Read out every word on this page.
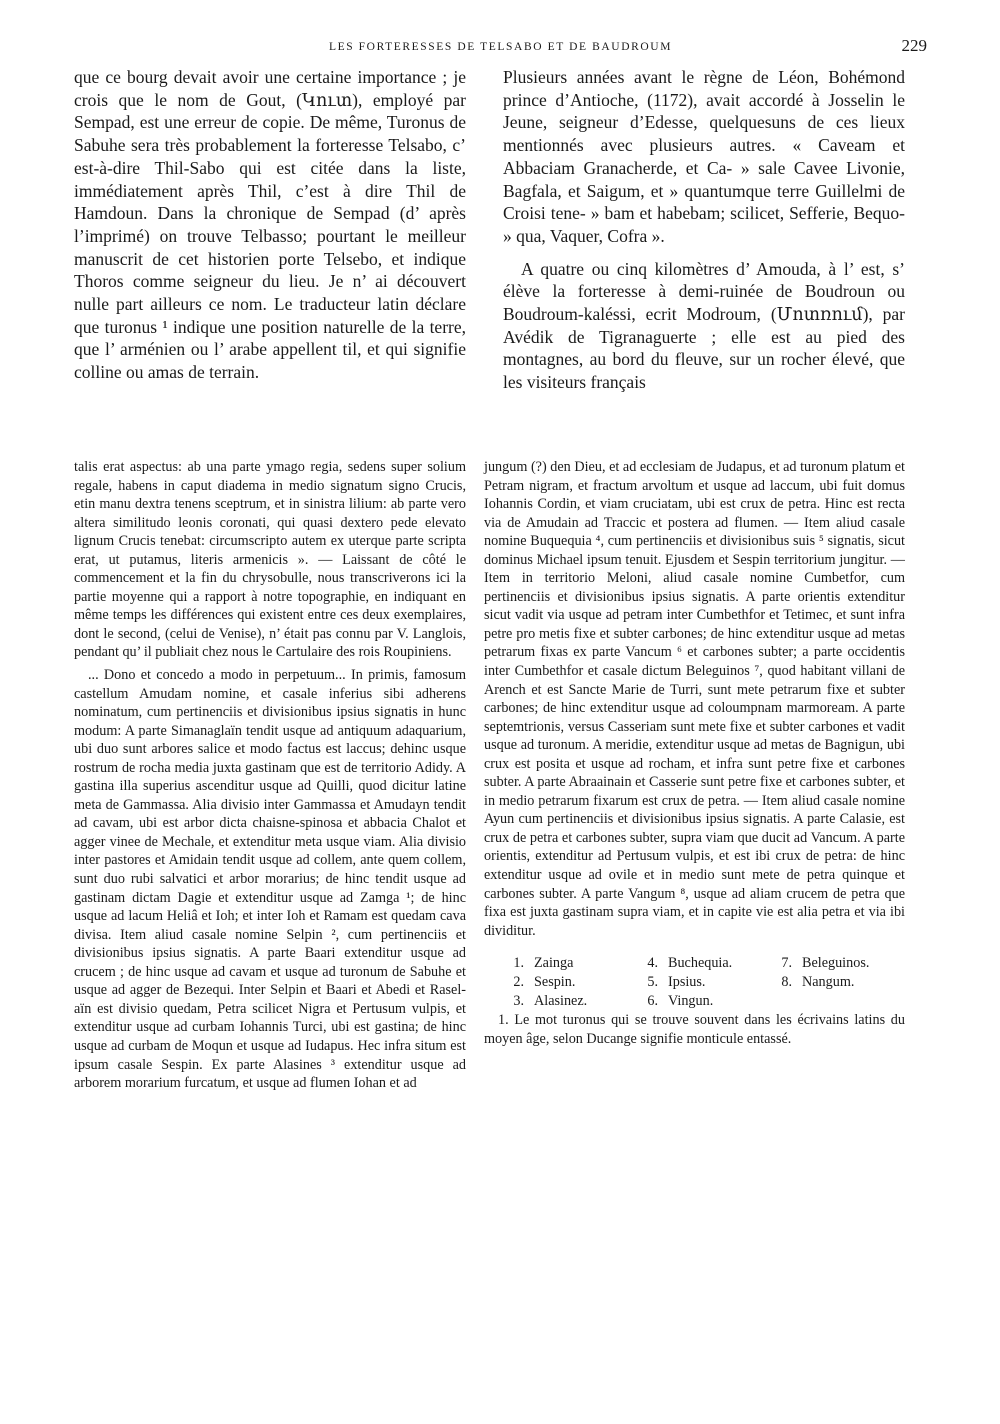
LES FORTERESSES DE TELSABO ET DE BAUDROUM	229

que ce bourg devait avoir une certaine importance ; je crois que le nom de Gout, (Կուտ), employé par Sempad, est une erreur de copie. De même, Turonus de Sabuhe sera très probablement la forteresse Telsabo, c’ est-à-dire Thil-Sabo qui est citée dans la liste, immédiatement après Thil, c’est à dire Thil de Hamdoun. Dans la chronique de Sempad (d’ après l’imprimé) on trouve Telbasso; pourtant le meilleur manuscrit de cet historien porte Telsebo, et indique Thoros comme seigneur du lieu. Je n’ ai découvert nulle part ailleurs ce nom. Le traducteur latin déclare que turonus ¹ indique une position naturelle de la terre, que l’ arménien ou l’ arabe appellent til, et qui signifie colline ou amas de terrain.

Plusieurs années avant le règne de Léon, Bohémond prince d’Antioche, (1172), avait accordé à Josselin le Jeune, seigneur d’Edesse, quelquesuns de ces lieux mentionnés avec plusieurs autres. « Caveam et Abbaciam Granacherde, et Ca- » sale Cavee Livonie, Bagfala, et Saigum, et » quantumque terre Guillelmi de Croisi tene- » bam et habebam; scilicet, Sefferie, Bequo- » qua, Vaquer, Cofra ».

A quatre ou cinq kilomètres d’ Amouda, à l’ est, s’ élève la forteresse à demi-ruinée de Boudroun ou Boudroum-kaléssi, ecrit Modroum, (Մոտռում), par Avédik de Tigranaguerte ; elle est au pied des montagnes, au bord du fleuve, sur un rocher élevé, que les visiteurs français

talis erat aspectus: ab una parte ymago regia, sedens super solium regale, habens in caput diadema in medio signatum signo Crucis, etin manu dextra tenens sceptrum, et in sinistra lilium: ab parte vero altera similitudo leonis coronati, qui quasi dextero pede elevato lignum Crucis tenebat: circumscripto autem ex uterque parte scripta erat, ut putamus, literis armenicis ». — Laissant de côté le commencement et la fin du chrysobulle, nous transcriverons ici la partie moyenne qui a rapport à notre topographie, en indiquant en même temps les différences qui existent entre ces deux exemplaires, dont le second, (celui de Venise), n’ était pas connu par V. Langlois, pendant qu’ il publiait chez nous le Cartulaire des rois Roupiniens.

... Dono et concedo a modo in perpetuum... In primis, famosum castellum Amudam nomine, et casale inferius sibi adherens nominatum, cum pertinenciis et divisionibus ipsius signatis in hunc modum: A parte Simanaglaïn tendit usque ad antiquum adaquarium, ubi duo sunt arbores salice et modo factus est laccus; dehinc usque rostrum de rocha media juxta gastinam que est de territorio Adidy. A gastina illa superius ascenditur usque ad Quilli, quod dicitur latine meta de Gammassa. Alia divisio inter Gammassa et Amudayn tendit ad cavam, ubi est arbor dicta chaisne-spinosa et abbacia Chalot et agger vinee de Mechale, et extenditur meta usque viam. Alia divisio inter pastores et Amidain tendit usque ad collem, ante quem collem, sunt duo rubi salvatici et arbor morarius; de hinc tendit usque ad gastinam dictam Dagie et extenditur usque ad Zamga ¹; de hinc usque ad lacum Heliâ et Ioh; et inter Ioh et Ramam est quedam cava divisa. Item aliud casale nomine Selpin ², cum pertinenciis et divisionibus ipsius signatis. A parte Baari extenditur usque ad crucem ; de hinc usque ad cavam et usque ad turonum de Sabuhe et usque ad agger de Bezequi. Inter Selpin et Baari et Abedi et Rasel-aïn est divisio quedam, Petra scilicet Nigra et Pertusum vulpis, et extenditur usque ad curbam Iohannis Turci, ubi est gastina; de hinc usque ad curbam de Moqun et usque ad Iudapus. Hec infra situm est ipsum casale Sespin. Ex parte Alasines ³ extenditur usque ad arborem morarium furcatum, et usque ad flumen Iohan et ad

jungum (?) den Dieu, et ad ecclesiam de Judapus, et ad turonum platum et Petram nigram, et fractum arvoltum et usque ad laccum, ubi fuit domus Iohannis Cordin, et viam cruciatam, ubi est crux de petra. Hinc est recta via de Amudain ad Traccic et postera ad flumen. — Item aliud casale nomine Buquequia ⁴, cum pertinenciis et divisionibus suis ⁵ signatis, sicut dominus Michael ipsum tenuit. Ejusdem et Sespin territorium jungitur. — Item in territorio Meloni, aliud casale nomine Cumbetfor, cum pertinenciis et divisionibus ipsius signatis. A parte orientis extenditur sicut vadit via usque ad petram inter Cumbethfor et Tetimec, et sunt infra petre pro metis fixe et subter carbones; de hinc extenditur usque ad metas petrarum fixas ex parte Vancum ⁶ et carbones subter; a parte occidentis inter Cumbethfor et casale dictum Beleguinos ⁷, quod habitant villani de Arench et est Sancte Marie de Turri, sunt mete petrarum fixe et subter carbones; de hinc extenditur usque ad coloumpnam marmoream. A parte septemtrionis, versus Casseriam sunt mete fixe et subter carbones et vadit usque ad turonum. A meridie, extenditur usque ad metas de Bagnigun, ubi crux est posita et usque ad rocham, et infra sunt petre fixe et carbones subter. A parte Abraainain et Casserie sunt petre fixe et carbones subter, et in medio petrarum fixarum est crux de petra. — Item aliud casale nomine Ayun cum pertinenciis et divisionibus ipsius signatis. A parte Calasie, est crux de petra et carbones subter, supra viam que ducit ad Vancum. A parte orientis, extenditur ad Pertusum vulpis, et est ibi crux de petra: de hinc extenditur usque ad ovile et in medio sunt mete de petra quinque et carbones subter. A parte Vangum ⁸, usque ad aliam crucem de petra que fixa est juxta gastinam supra viam, et in capite vie est alia petra et via ibi dividitur.

1.	Zainga	4.	Buchequia.	7.	Beleguinos.
2.	Sespin.	5.	Ipsius.	8.	Nangum.
3.	Alasinez.	6.	Vingun.		

1. Le mot turonus qui se trouve souvent dans les écrivains latins du moyen âge, selon Ducange signifie monticule entassé.
